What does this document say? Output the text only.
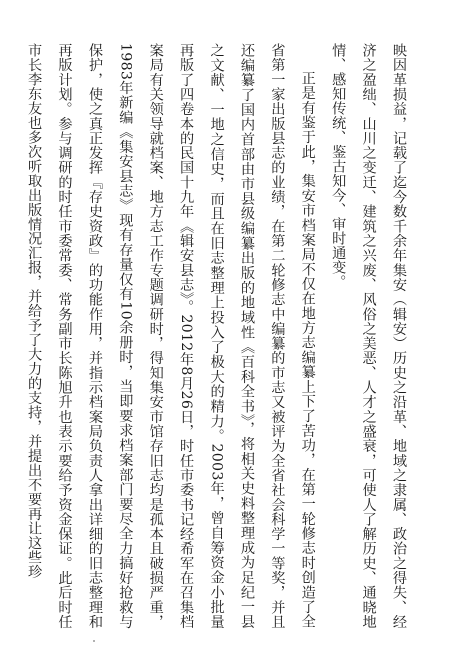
映因革损益，记载了迄今数千余年集安（辑安）历史之沿革、地域之隶属、政治之得失、经济之盈绌、山川之变迁、建筑之兴废、风俗之美恶、人才之盛衰，可使人了解历史、通晓地情、感知传统、鉴古知今、审时通变。

正是有鉴于此，集安市档案局不仅在地方志编纂上下了苦功，在第一轮修志时创造了全省第一家出版县志的业绩，在第二轮修志中编纂的市志又被评为全省社会科学一等奖，并且还编纂了国内首部由市县级编纂出版的地域性《百科全书》，将相关史料整理成为足纪一县之文献、一地之信史，而且在旧志整理上投入了极大的精力。2003年，曾自筹资金小批量再版了四卷本的民国十九年《辑安县志》。2012年8月26日，时任市委书记经希军在召集档案局有关领导就档案、地方志工作专题调研时，得知集安市馆存旧志均是孤本且破损严重，1983年新编《集安县志》现有存量仅有10余册时，当即要求档案部门要尽全力搞好抢救与保护，使之真正发挥『存史资政』的功能作用，并指示档案局负责人拿出详细的旧志整理和再版计划。参与调研的时任市委常委、常务副市长陈旭升也表示要给予资金保证。此后时任市长李东友也多次听取出版情况汇报，并给予了大力的支持，并提出不要再让这些珍
